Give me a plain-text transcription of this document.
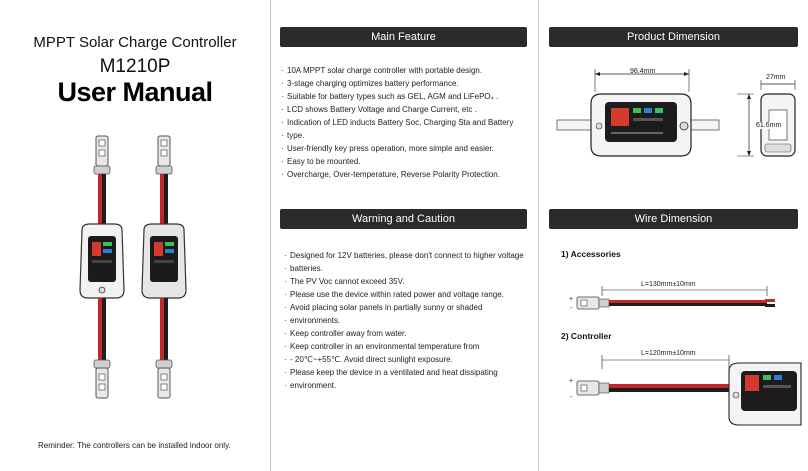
MPPT Solar Charge Controller
M1210P
User Manual
Reminder: The controllers can be installed indoor only.
Main Feature
· 10A MPPT solar charge controller with portable design.
· 3-stage charging optimizes battery performance.
· Suitable for battery types such as GEL, AGM and LiFePO₄ .
· LCD shows Battery Voltage and Charge Current, etc .
· Indication of LED inducts Battery Soc, Charging Sta and Battery
· type.
· User-friendly key press operation, more simple and easier.
· Easy to be mounted.
· Overcharge, Over-temperature, Reverse Polarity Protection.
Warning and Caution
· Designed for 12V batteries, please don't connect to higher voltage
· batteries.
· The PV Voc cannot exceed 35V.
· Please use the device within rated power and voltage range.
· Avoid placing solar panels in partially sunny or shaded
· environments.
· Keep controller away from water.
· Keep controller in an environmental temperature from
· - 20℃~+55℃. Avoid direct sunlight exposure.
· Please keep the device in a ventilated and heat dissipating
· environment.
Product Dimension
96.4mm
61.6mm
27mm
Wire Dimension
1) Accessories
L=130mm±10mm
+
-
2) Controller
L=120mm±10mm
+
-
